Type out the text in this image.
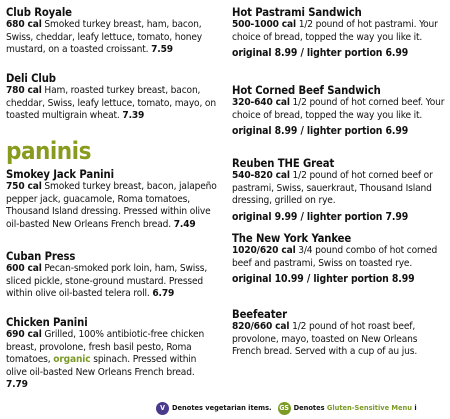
Club Royale
680 cal Smoked turkey breast, ham, bacon, Swiss, cheddar, leafy lettuce, tomato, honey mustard, on a toasted croissant. 7.59
Deli Club
780 cal Ham, roasted turkey breast, bacon, cheddar, Swiss, leafy lettuce, tomato, mayo, on toasted multigrain wheat. 7.39
paninis
Smokey Jack Panini
750 cal Smoked turkey breast, bacon, jalapeño pepper jack, guacamole, Roma tomatoes, Thousand Island dressing. Pressed within olive oil-basted New Orleans French bread. 7.49
Cuban Press
600 cal Pecan-smoked pork loin, ham, Swiss, sliced pickle, stone-ground mustard. Pressed within olive oil-basted telera roll. 6.79
Chicken Panini
690 cal Grilled, 100% antibiotic-free chicken breast, provolone, fresh basil pesto, Roma tomatoes, organic spinach. Pressed within olive oil-basted New Orleans French bread. 7.79
Hot Pastrami Sandwich
500-1000 cal 1/2 pound of hot pastrami. Your choice of bread, topped the way you like it.
original 8.99 / lighter portion 6.99
Hot Corned Beef Sandwich
320-640 cal 1/2 pound of hot corned beef. Your choice of bread, topped the way you like it.
original 8.99 / lighter portion 6.99
Reuben THE Great
540-820 cal 1/2 pound of hot corned beef or pastrami, Swiss, sauerkraut, Thousand Island dressing, grilled on rye.
original 9.99 / lighter portion 7.99
The New York Yankee
1020/620 cal 3/4 pound combo of hot corned beef and pastrami, Swiss on toasted rye.
original 10.99 / lighter portion 8.99
Beefeater
820/660 cal 1/2 pound of hot roast beef, provolone, mayo, toasted on New Orleans French bread. Served with a cup of au jus.
V Denotes vegetarian items. GS Denotes Gluten-Sensitive Menu i
